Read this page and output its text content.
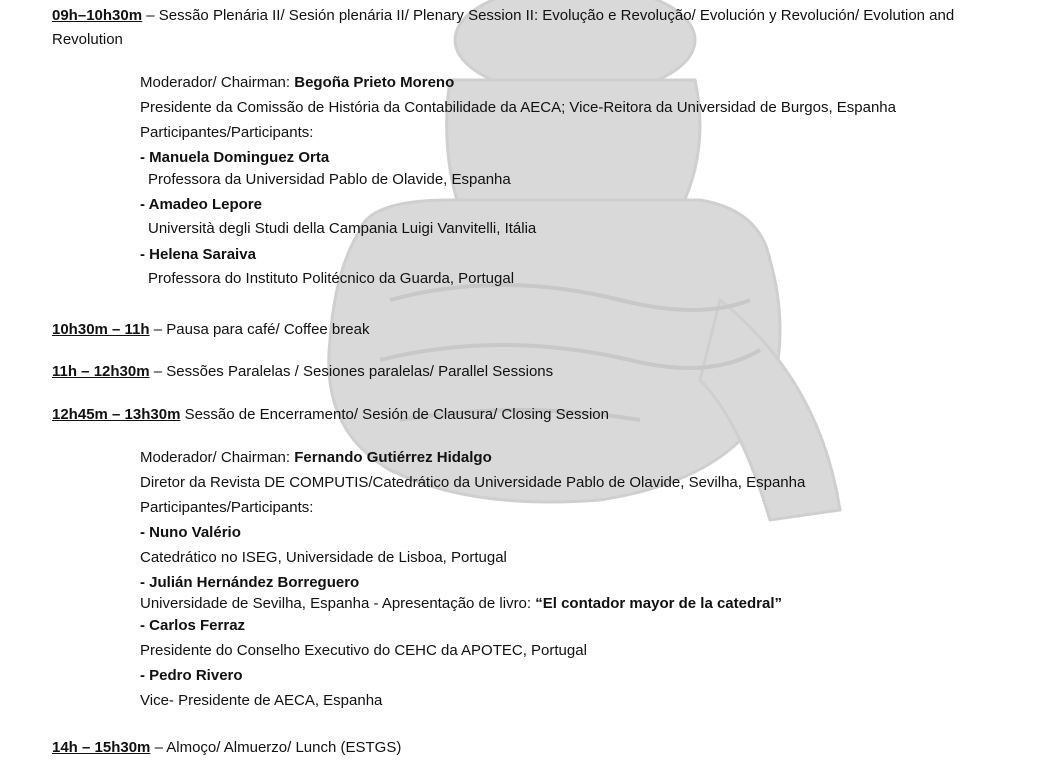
09h–10h30m – Sessão Plenária II/ Sesión plenária II/ Plenary Session II: Evolução e Revolução/ Evolución y Revolución/ Evolution and
Revolution
Moderador/ Chairman: Begoña Prieto Moreno
Presidente da Comissão de História da Contabilidade da AECA; Vice-Reitora da Universidad de Burgos, Espanha
Participantes/Participants:
- Manuela Dominguez Orta
Professora da Universidad Pablo de Olavide, Espanha
- Amadeo Lepore
Università degli Studi della Campania Luigi Vanvitelli, Itália
- Helena Saraiva
Professora do Instituto Politécnico da Guarda, Portugal
10h30m – 11h – Pausa para café/ Coffee break
11h – 12h30m – Sessões Paralelas / Sesiones paralelas/ Parallel Sessions
12h45m – 13h30m Sessão de Encerramento/ Sesión de Clausura/ Closing Session
Moderador/ Chairman: Fernando Gutiérrez Hidalgo
Diretor da Revista DE COMPUTIS/Catedrático da Universidade Pablo de Olavide, Sevilha, Espanha
Participantes/Participants:
- Nuno Valério
Catedrático no ISEG, Universidade de Lisboa, Portugal
- Julián Hernández Borreguero
Universidade de Sevilha, Espanha - Apresentação de livro: “El contador mayor de la catedral”
- Carlos Ferraz
Presidente do Conselho Executivo do CEHC da APOTEC, Portugal
- Pedro Rivero
Vice- Presidente de AECA, Espanha
14h – 15h30m – Almoço/ Almuerzo/ Lunch (ESTGS)
